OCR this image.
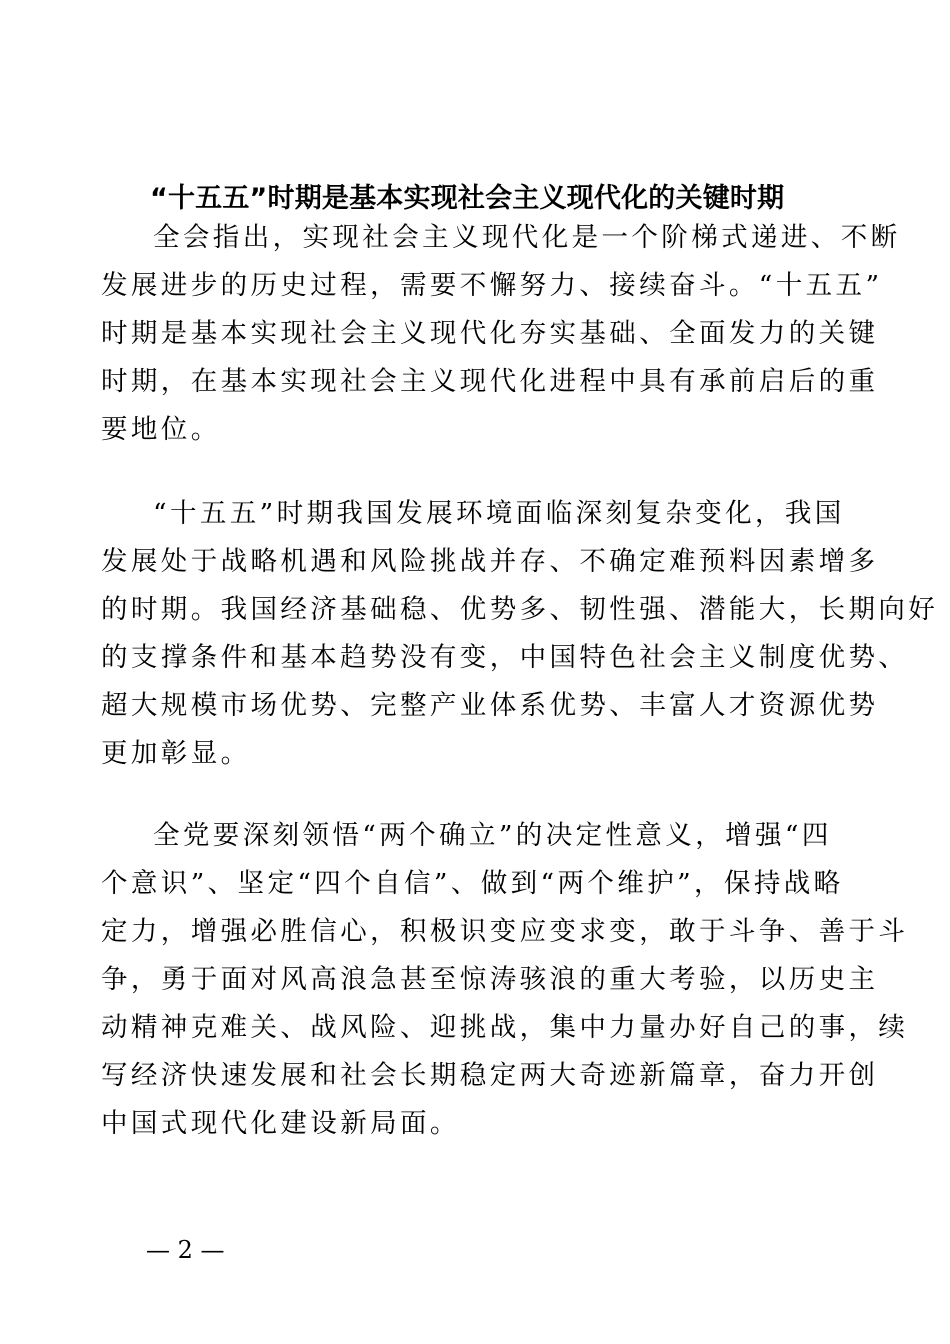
“十五五”时期是基本实现社会主义现代化的关键时期
全会指出，实现社会主义现代化是一个阶梯式递进、不断
发展进步的历史过程，需要不懈努力、接续奋斗。“十五五”
时期是基本实现社会主义现代化夯实基础、全面发力的关键
时期，在基本实现社会主义现代化进程中具有承前启后的重
要地位。
“十五五”时期我国发展环境面临深刻复杂变化，我国
发展处于战略机遇和风险挑战并存、不确定难预料因素增多
的时期。我国经济基础稳、优势多、韧性强、潜能大，长期向好
的支撑条件和基本趋势没有变，中国特色社会主义制度优势、
超大规模市场优势、完整产业体系优势、丰富人才资源优势
更加彰显。
全党要深刻领悟“两个确立”的决定性意义，增强“四
个意识”、坚定“四个自信”、做到“两个维护”，保持战略
定力，增强必胜信心，积极识变应变求变，敢于斗争、善于斗
争，勇于面对风高浪急甚至惊涛骇浪的重大考验，以历史主
动精神克难关、战风险、迎挑战，集中力量办好自己的事，续
写经济快速发展和社会长期稳定两大奇迹新篇章，奋力开创
中国式现代化建设新局面。
— 2 —
